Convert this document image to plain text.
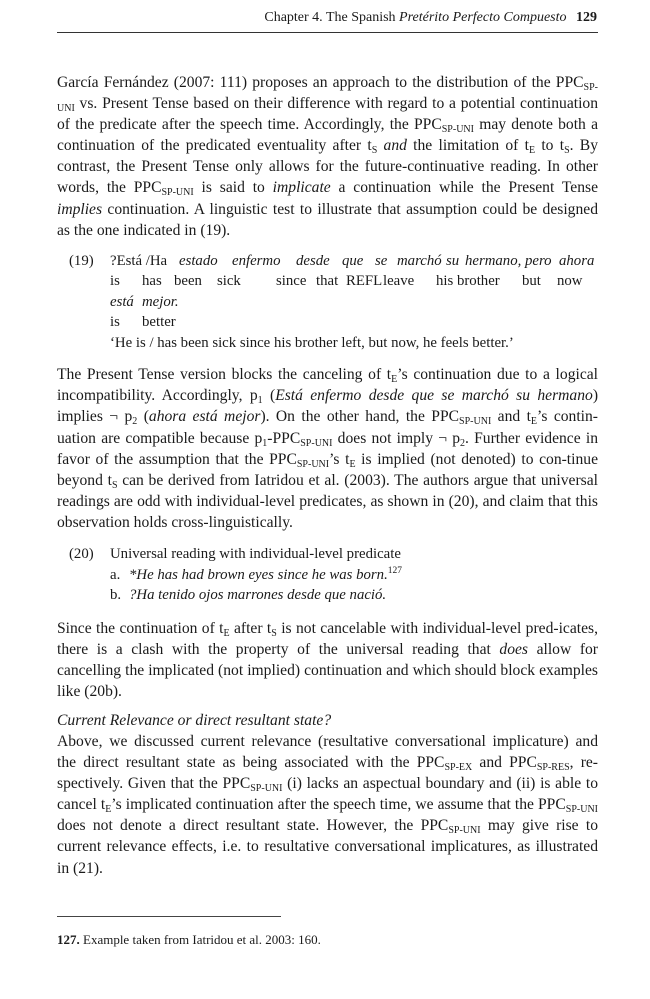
Chapter 4. The Spanish Pretérito Perfecto Compuesto 129

García Fernández (2007: 111) proposes an approach to the distribution of the $PPC_{SP-UNI}$ vs. Present Tense based on their difference with regard to a potential continuation of the predicate after the speech time. Accordingly, the $PPC_{SP-UNI}$ may denote both a continuation of the predicated eventuality after $t_S$ and the limitation of $t_E$ to $t_S$. By contrast, the Present Tense only allows for the future-continuative reading. In other words, the $PPC_{SP-UNI}$ is said to implicate a continuation while the Present Tense implies continuation. A linguistic test to illustrate that assumption could be designed as the one indicated in (19).

(19) ?Está /Ha estado enfermo desde que se marchó su hermano, pero ahora
is has been sick since that REFL leave his brother but now
está mejor.
is better
‘He is / has been sick since his brother left, but now, he feels better.’

The Present Tense version blocks the canceling of $t_E’s$ continuation due to a logical incompatibility. Accordingly, $p_1$ (Está enfermo desde que se marchó su hermano) implies ¬ $p_2$ (ahora está mejor). On the other hand, the $PPC_{SP-UNI}$ and $t_E’s$ contin-uation are compatible because $p_1-PPC_{SP-UNI}$ does not imply ¬ $p_2$. Further evidence in favor of the assumption that the $PPC_{SP-UNI}’s$ $t_E$ is implied (not denoted) to con-tinue beyond $t_S$ can be derived from Iatridou et al. (2003). The authors argue that universal readings are odd with individual-level predicates, as shown in (20), and claim that this observation holds cross-linguistically.

(20)	Universal reading with individual-level predicate
a. *He has had brown eyes since he was born.$^{127}$
b. ?Ha tenido ojos marrones desde que nació.

Since the continuation of $t_E$ after $t_S$ is not cancelable with individual-level pred-icates, there is a clash with the property of the universal reading that does allow for cancelling the implicated (not implied) continuation and which should block examples like (20b).

Current Relevance or direct resultant state?

Above, we discussed current relevance (resultative conversational implicature) and the direct resultant state as being associated with the $PPC_{SP-EX}$ and $PPC_{SP-RES}$, re-spectively. Given that the $PPC_{SP-UNI}$ (i) lacks an aspectual boundary and (ii) is able to cancel $t_E’s$ implicated continuation after the speech time, we assume that the $PPC_{SP-UNI}$ does not denote a direct resultant state. However, the $PPC_{SP-UNI}$ may give rise to current relevance effects, i.e. to resultative conversational implicatures, as illustrated in (21).

127. Example taken from Iatridou et al. 2003: 160.
